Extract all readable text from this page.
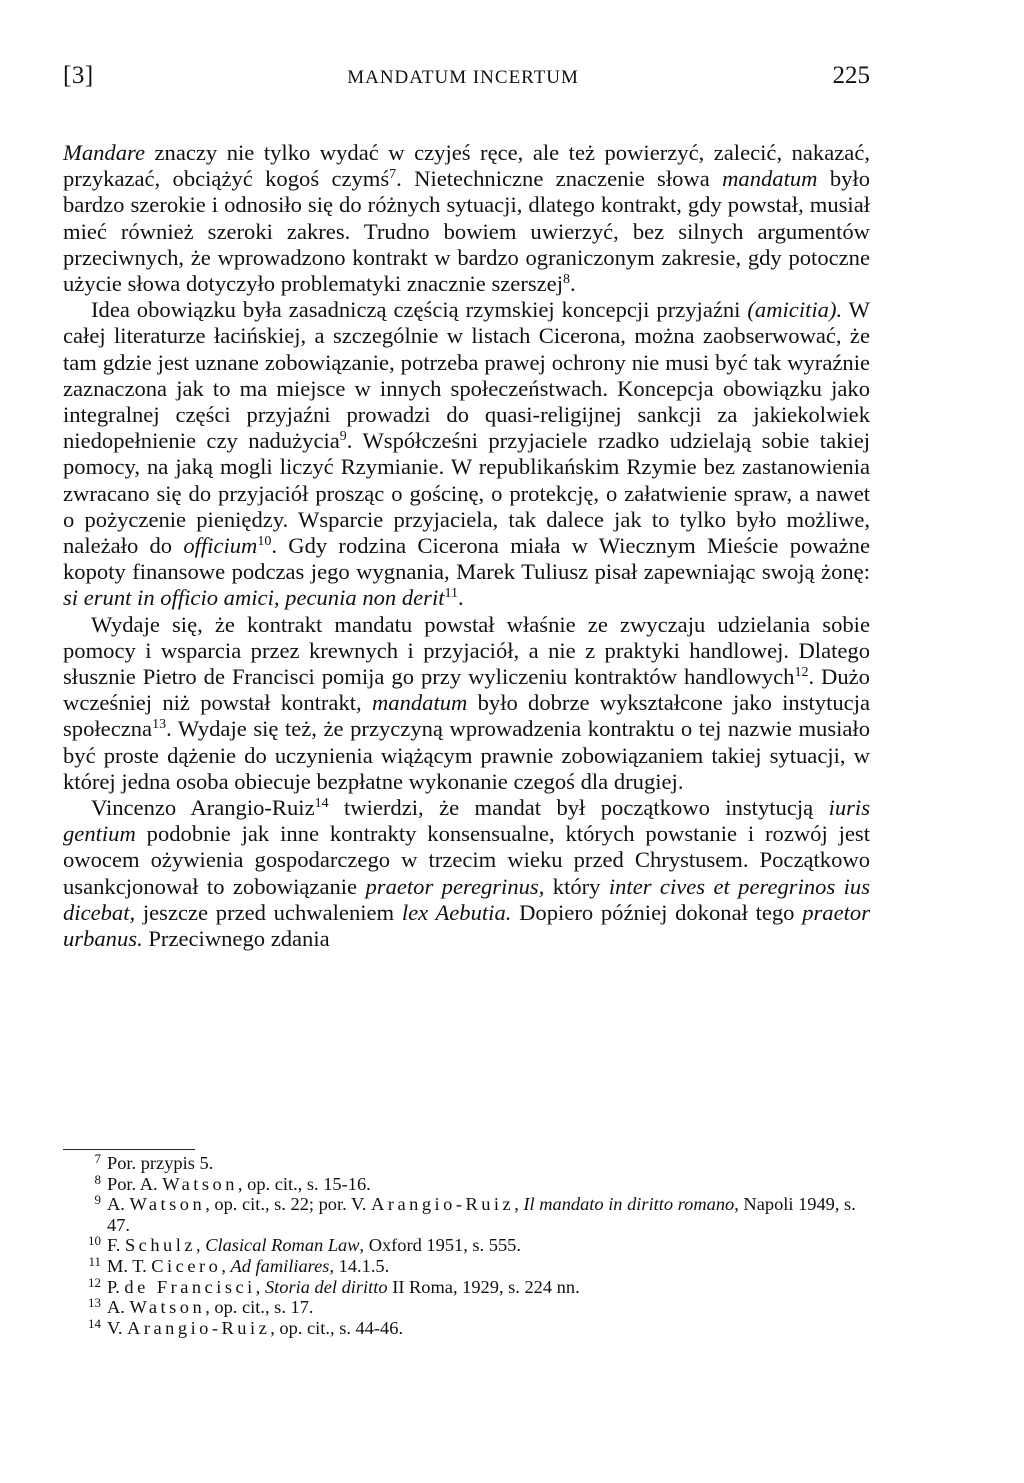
[3]	MANDATUM INCERTUM	225

Mandare znaczy nie tylko wydać w czyjeś ręce, ale też powierzyć, zalecić, nakazać, przykazać, obciążyć kogoś czymś$^7$. Nietechniczne znaczenie słowa mandatum było bardzo szerokie i odnosiło się do różnych sytuacji, dlatego kontrakt, gdy powstał, musiał mieć również szeroki zakres. Trudno bowiem uwierzyć, bez silnych argumentów przeciwnych, że wprowadzono kontrakt w bardzo ograniczonym zakresie, gdy potoczne użycie słowa dotyczyło problematyki znacznie szerszej$^8$.

Idea obowiązku była zasadniczą częścią rzymskiej koncepcji przyjaźni (amicitia). W całej literaturze łacińskiej, a szczególnie w listach Cicerona, można zaobserwować, że tam gdzie jest uznane zobowiązanie, potrzeba prawej ochrony nie musi być tak wyraźnie zaznaczona jak to ma miejsce w innych społeczeństwach. Koncepcja obowiązku jako integralnej części przyjaźni prowadzi do quasi-religijnej sankcji za jakiekolwiek niedopełnienie czy nadużycia$^9$. Współcześni przyjaciele rzadko udzielają sobie takiej pomocy, na jaką mogli liczyć Rzymianie. W republikańskim Rzymie bez zastanowienia zwracano się do przyjaciół prosząc o gościnę, o protekcję, o załatwienie spraw, a nawet o pożyczenie pieniędzy. Wsparcie przyjaciela, tak dalece jak to tylko było możliwe, należało do officium$^{10}$. Gdy rodzina Cicerona miała w Wiecznym Mieście poważne kopoty finansowe podczas jego wygnania, Marek Tuliusz pisał zapewniając swoją żonę: si erunt in officio amici, pecunia non derit$^{11}$.

Wydaje się, że kontrakt mandatu powstał właśnie ze zwyczaju udzielania sobie pomocy i wsparcia przez krewnych i przyjaciół, a nie z praktyki handlowej. Dlatego słusznie Pietro de Francisci pomija go przy wyliczeniu kontraktów handlowych$^{12}$. Dużo wcześniej niż powstał kontrakt, mandatum było dobrze wykształcone jako instytucja społeczna$^{13}$. Wydaje się też, że przyczyną wprowadzenia kontraktu o tej nazwie musiało być proste dążenie do uczynienia wiążącym prawnie zobowiązaniem takiej sytuacji, w której jedna osoba obiecuje bezpłatne wykonanie czegoś dla drugiej.

Vincenzo Arangio-Ruiz$^{14}$ twierdzi, że mandat był początkowo instytucją iuris gentium podobnie jak inne kontrakty konsensualne, których powstanie i rozwój jest owocem ożywienia gospodarczego w trzecim wieku przed Chrystusem. Początkowo usankcjonował to zobowiązanie praetor peregrinus, który inter cives et peregrinos ius dicebat, jeszcze przed uchwaleniem lex Aebutia. Dopiero później dokonał tego praetor urbanus. Przeciwnego zdania

7 Por. przypis 5.

8 Por. A. Watson, op. cit., s. 15-16.

9 A. Watson, op. cit., s. 22; por. V. Arangio-Ruiz, Il mandato in diritto romano, Napoli 1949, s. 47.

10 F. Schulz, Clasical Roman Law, Oxford 1951, s. 555.

11 M. T. Cicero, Ad familiares, 14.1.5.

12 P. de Francisci, Storia del diritto II Roma, 1929, s. 224 nn.

13 A. Watson, op. cit., s. 17.

14 V. Arangio-Ruiz, op. cit., s. 44-46.
